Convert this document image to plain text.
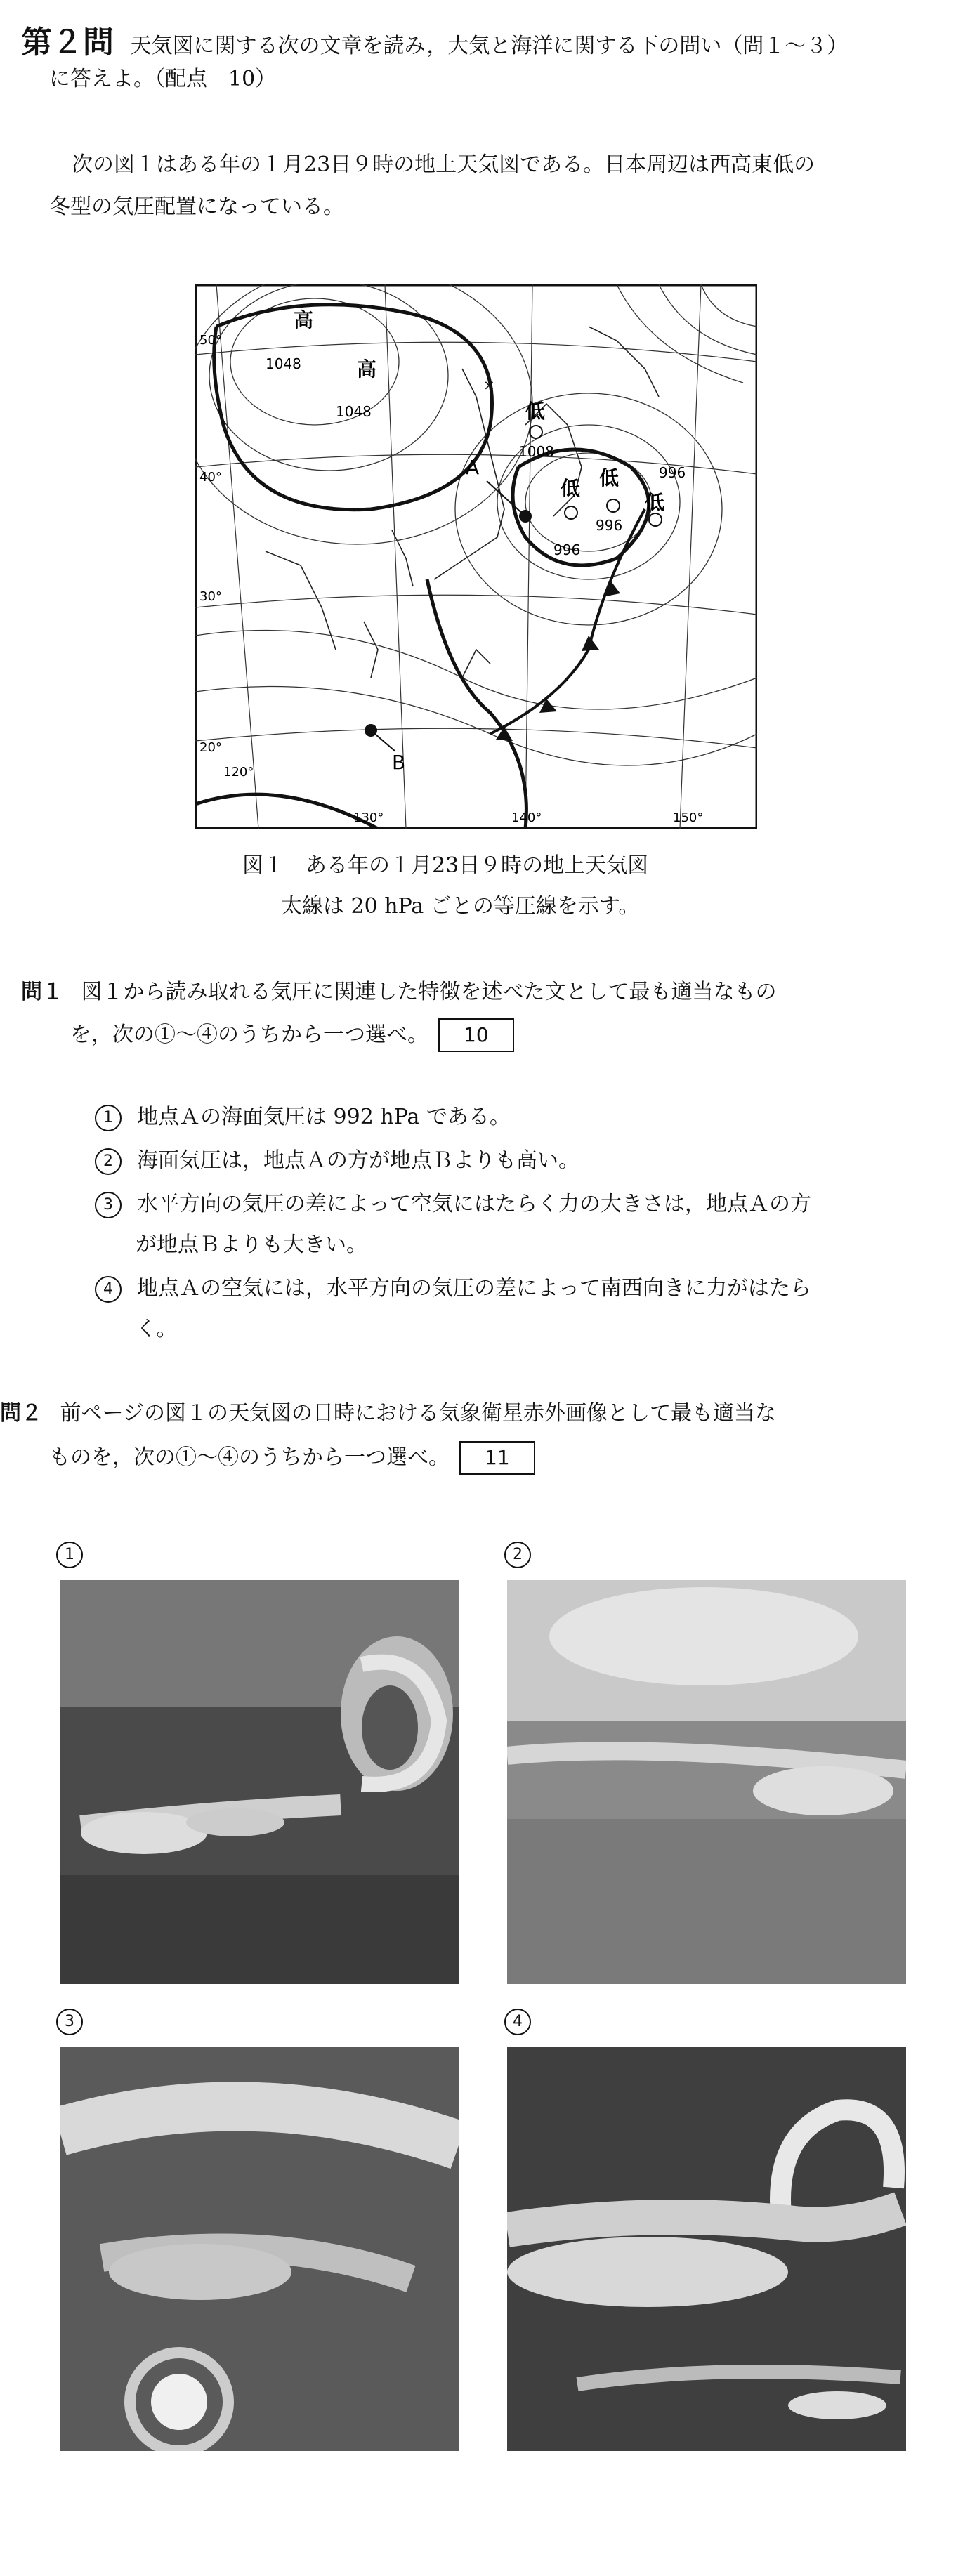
第２問 天気図に関する次の文章を読み，大気と海洋に関する下の問い（問１～３）
に答えよ。（配点　10）
次の図１はある年の１月23日９時の地上天気図である。日本周辺は西高東低の
冬型の気圧配置になっている。
高
1048	高
1048
×
低
1008
低 低
低
996
996
996
A
B
50°
40°
30°
20°
120°
130°	140°	150°
図１　ある年の１月23日９時の地上天気図
太線は 20 hPa ごとの等圧線を示す。
問１ 図１から読み取れる気圧に関連した特徴を述べた文として最も適当なもの
を，次の①～④のうちから一つ選べ。 10
1 地点Ａの海面気圧は 992 hPa である。
2 海面気圧は，地点Ａの方が地点Ｂよりも高い。
3 水平方向の気圧の差によって空気にはたらく力の大きさは，地点Ａの方
が地点Ｂよりも大きい。
4 地点Ａの空気には，水平方向の気圧の差によって南西向きに力がはたら
く。
問２ 前ページの図１の天気図の日時における気象衛星赤外画像として最も適当な
ものを，次の①～④のうちから一つ選べ。 11
1	2
3	4
